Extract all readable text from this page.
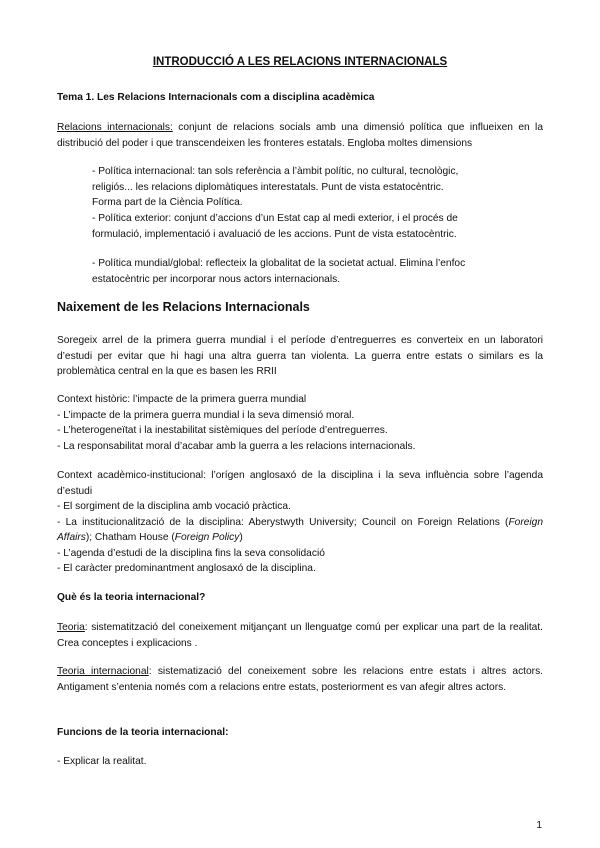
INTRODUCCIÓ A LES RELACIONS INTERNACIONALS
Tema 1. Les Relacions Internacionals com a disciplina acadèmica

Relacions internacionals: conjunt de relacions socials amb una dimensió política que influeixen en la distribució del poder i que transcendeixen les fronteres estatals. Engloba moltes dimensions

- Política internacional: tan sols referència a l’àmbit polític, no cultural, tecnològic, religiós... les relacions diplomàtiques interestatals. Punt de vista estatocèntric. Forma part de la Ciència Política.

- Política exterior: conjunt d’accions d’un Estat cap al medi exterior, i el procés de formulació, implementació i avaluació de les accions. Punt de vista estatocèntric.

- Política mundial/global: reflecteix la globalitat de la societat actual. Elimina l’enfoc estatocèntric per incorporar nous actors internacionals.

Naixement de les Relacions Internacionals

Soregeix arrel de la primera guerra mundial i el període d’entreguerres es converteix en un laboratori d’estudi per evitar que hi hagi una altra guerra tan violenta. La guerra entre estats o similars es la problemàtica central en la que es basen les RRII

Context històric: l’impacte de la primera guerra mundial
- L’impacte de la primera guerra mundial i la seva dimensió moral.
- L’heterogeneïtat i la inestabilitat sistèmiques del període d’entreguerres.
- La responsabilitat moral d’acabar amb la guerra a les relacions internacionals.
Context acadèmico-institucional: l’orígen anglosaxó de la disciplina i la seva influència sobre l’agenda d’estudi
- El sorgiment de la disciplina amb vocació pràctica.
- La institucionalització de la disciplina: Aberystwyth University; Council on Foreign Relations (Foreign Affairs); Chatham House (Foreign Policy)
- L’agenda d’estudi de la disciplina fins la seva consolidació
- El caràcter predominantment anglosaxó de la disciplina.
Què és la teoria internacional?

Teoria: sistematització del coneixement mitjançant un llenguatge comú per explicar una part de la realitat. Crea conceptes i explicacions .

Teoria internacional: sistematizació del coneixement sobre les relacions entre estats i altres actors. Antigament s’entenia només com a relacions entre estats, posteriorment es van afegir altres actors.

Funcions de la teoria internacional:
- Explicar la realitat.
1
